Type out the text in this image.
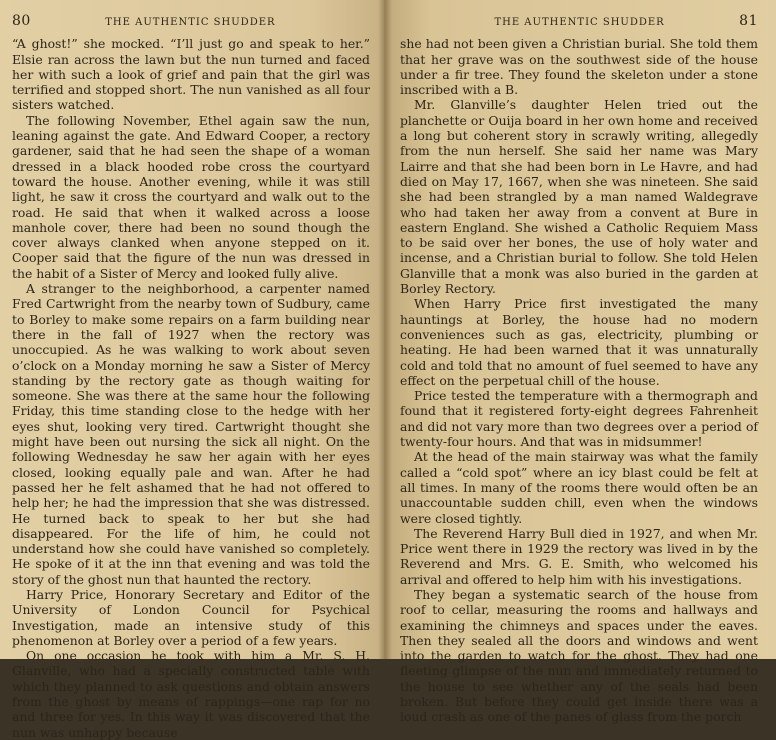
80	THE AUTHENTIC SHUDDER

“A ghost!” she mocked. “I’ll just go and speak to her.” Elsie ran across the lawn but the nun turned and faced her with such a look of grief and pain that the girl was terrified and stopped short. The nun vanished as all four sisters watched.

The following November, Ethel again saw the nun, leaning against the gate. And Edward Cooper, a rectory gardener, said that he had seen the shape of a woman dressed in a black hooded robe cross the courtyard toward the house. Another evening, while it was still light, he saw it cross the courtyard and walk out to the road. He said that when it walked across a loose manhole cover, there had been no sound though the cover always clanked when anyone stepped on it. Cooper said that the figure of the nun was dressed in the habit of a Sister of Mercy and looked fully alive.

A stranger to the neighborhood, a carpenter named Fred Cartwright from the nearby town of Sudbury, came to Borley to make some repairs on a farm building near there in the fall of 1927 when the rectory was unoccupied. As he was walking to work about seven o’clock on a Monday morning he saw a Sister of Mercy standing by the rectory gate as though waiting for someone. She was there at the same hour the following Friday, this time standing close to the hedge with her eyes shut, looking very tired. Cartwright thought she might have been out nursing the sick all night. On the following Wednesday he saw her again with her eyes closed, looking equally pale and wan. After he had passed her he felt ashamed that he had not offered to help her; he had the impression that she was distressed. He turned back to speak to her but she had disappeared. For the life of him, he could not understand how she could have vanished so completely. He spoke of it at the inn that evening and was told the story of the ghost nun that haunted the rectory.

Harry Price, Honorary Secretary and Editor of the University of London Council for Psychical Investigation, made an intensive study of this phenomenon at Borley over a period of a few years.

On one occasion he took with him a Mr. S. H. Glanville, who had a specially constructed table with which they planned to ask questions and obtain answers from the ghost by means of rappings—one rap for no and three for yes. In this way it was discovered that the nun was unhappy because

THE AUTHENTIC SHUDDER	81

she had not been given a Christian burial. She told them that her grave was on the southwest side of the house under a fir tree. They found the skeleton under a stone inscribed with a B.

Mr. Glanville’s daughter Helen tried out the planchette or Ouija board in her own home and received a long but coherent story in scrawly writing, allegedly from the nun herself. She said her name was Mary Lairre and that she had been born in Le Havre, and had died on May 17, 1667, when she was nineteen. She said she had been strangled by a man named Waldegrave who had taken her away from a convent at Bure in eastern England. She wished a Catholic Requiem Mass to be said over her bones, the use of holy water and incense, and a Christian burial to follow. She told Helen Glanville that a monk was also buried in the garden at Borley Rectory.

When Harry Price first investigated the many hauntings at Borley, the house had no modern conveniences such as gas, electricity, plumbing or heating. He had been warned that it was unnaturally cold and told that no amount of fuel seemed to have any effect on the perpetual chill of the house.

Price tested the temperature with a thermograph and found that it registered forty-eight degrees Fahrenheit and did not vary more than two degrees over a period of twenty-four hours. And that was in midsummer!

At the head of the main stairway was what the family called a “cold spot” where an icy blast could be felt at all times. In many of the rooms there would often be an unaccountable sudden chill, even when the windows were closed tightly.

The Reverend Harry Bull died in 1927, and when Mr. Price went there in 1929 the rectory was lived in by the Reverend and Mrs. G. E. Smith, who welcomed his arrival and offered to help him with his investigations.

They began a systematic search of the house from roof to cellar, measuring the rooms and hallways and examining the chimneys and spaces under the eaves. Then they sealed all the doors and windows and went into the garden to watch for the ghost. They had one fleeting glimpse of the nun and immediately returned to the house to see whether any of the seals had been broken. But before they could get inside there was a loud crash as one of the panes of glass from the porch
